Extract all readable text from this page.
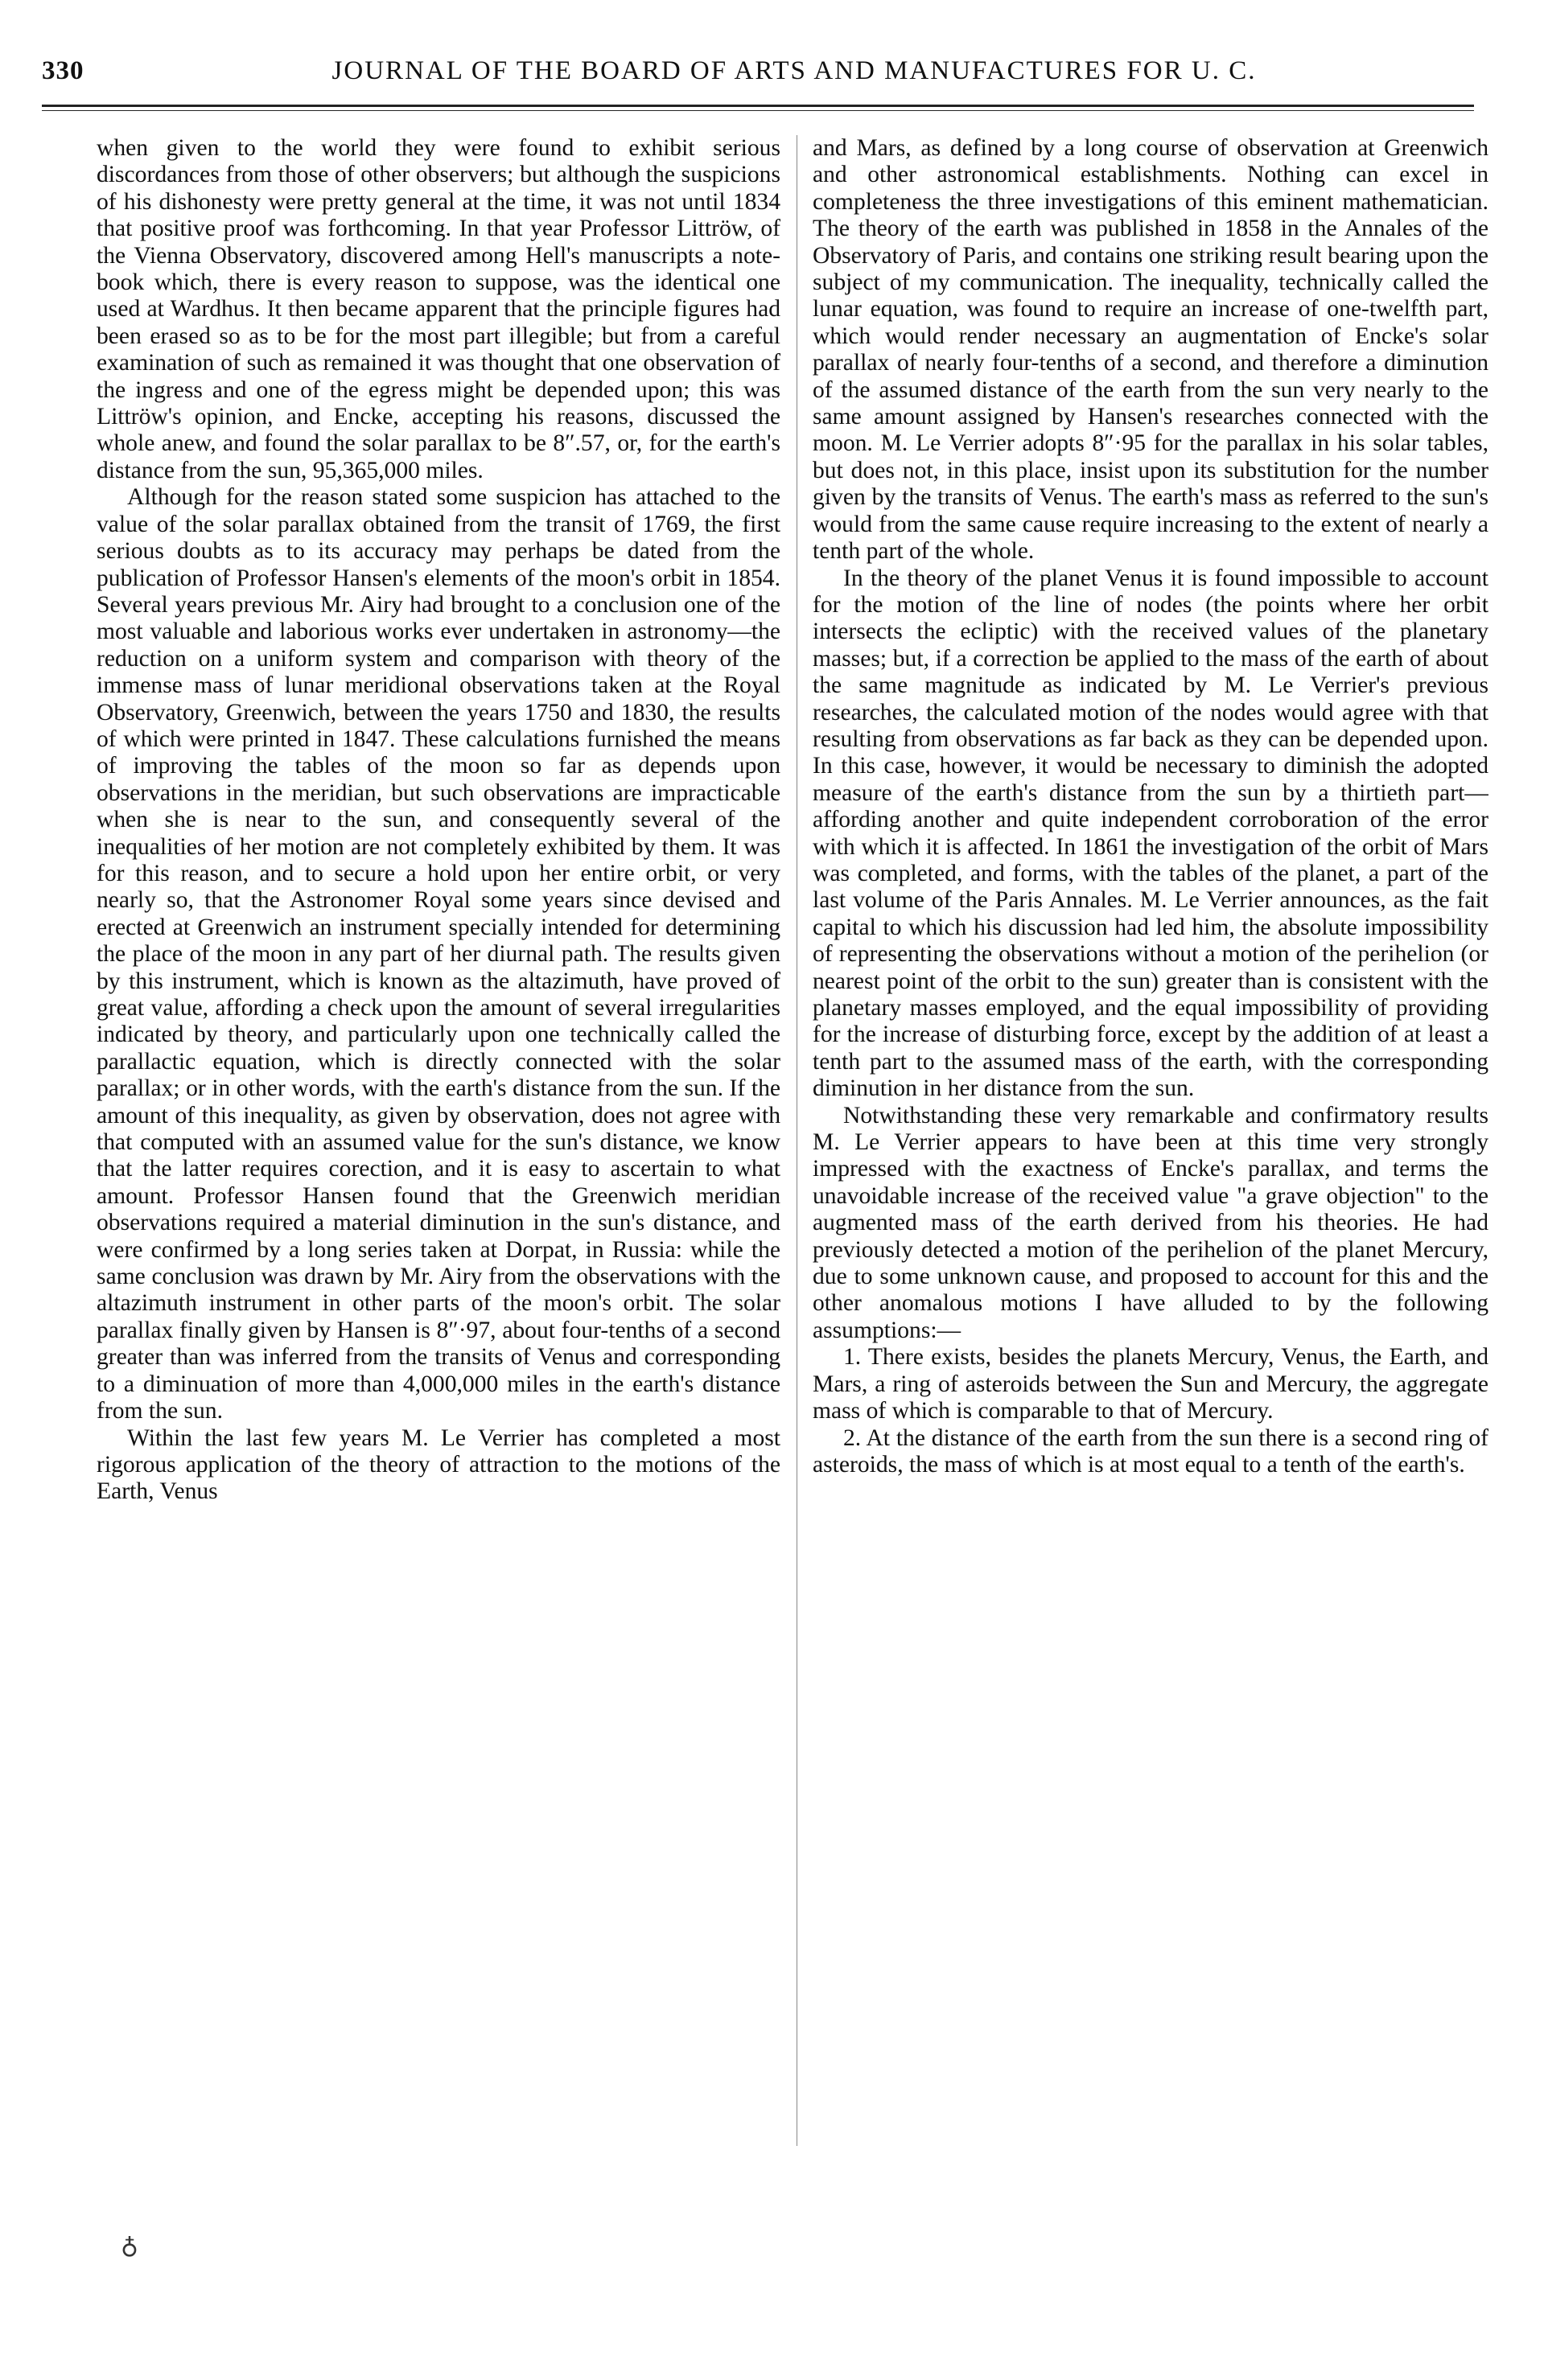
330	JOURNAL OF THE BOARD OF ARTS AND MANUFACTURES FOR U. C.

when given to the world they were found to exhibit serious discordances from those of other observers; but although the suspicions of his dishonesty were pretty general at the time, it was not until 1834 that positive proof was forthcoming. In that year Professor Littröw, of the Vienna Observatory, discovered among Hell's manuscripts a note-book which, there is every reason to suppose, was the identical one used at Wardhus. It then became apparent that the principle figures had been erased so as to be for the most part illegible; but from a careful examination of such as remained it was thought that one observation of the ingress and one of the egress might be depended upon; this was Littröw's opinion, and Encke, accepting his reasons, discussed the whole anew, and found the solar parallax to be 8″.57, or, for the earth's distance from the sun, 95,365,000 miles.

Although for the reason stated some suspicion has attached to the value of the solar parallax obtained from the transit of 1769, the first serious doubts as to its accuracy may perhaps be dated from the publication of Professor Hansen's elements of the moon's orbit in 1854. Several years previous Mr. Airy had brought to a conclusion one of the most valuable and laborious works ever undertaken in astronomy—the reduction on a uniform system and comparison with theory of the immense mass of lunar meridional observations taken at the Royal Observatory, Greenwich, between the years 1750 and 1830, the results of which were printed in 1847. These calculations furnished the means of improving the tables of the moon so far as depends upon observations in the meridian, but such observations are impracticable when she is near to the sun, and consequently several of the inequalities of her motion are not completely exhibited by them. It was for this reason, and to secure a hold upon her entire orbit, or very nearly so, that the Astronomer Royal some years since devised and erected at Greenwich an instrument specially intended for determining the place of the moon in any part of her diurnal path. The results given by this instrument, which is known as the altazimuth, have proved of great value, affording a check upon the amount of several irregularities indicated by theory, and particularly upon one technically called the parallactic equation, which is directly connected with the solar parallax; or in other words, with the earth's distance from the sun. If the amount of this inequality, as given by observation, does not agree with that computed with an assumed value for the sun's distance, we know that the latter requires corection, and it is easy to ascertain to what amount. Professor Hansen found that the Greenwich meridian observations required a material diminution in the sun's distance, and were confirmed by a long series taken at Dorpat, in Russia: while the same conclusion was drawn by Mr. Airy from the observations with the altazimuth instrument in other parts of the moon's orbit. The solar parallax finally given by Hansen is 8″·97, about four-tenths of a second greater than was inferred from the transits of Venus and corresponding to a diminuation of more than 4,000,000 miles in the earth's distance from the sun.

Within the last few years M. Le Verrier has completed a most rigorous application of the theory of attraction to the motions of the Earth, Venus

and Mars, as defined by a long course of observation at Greenwich and other astronomical establishments. Nothing can excel in completeness the three investigations of this eminent mathematician. The theory of the earth was published in 1858 in the Annales of the Observatory of Paris, and contains one striking result bearing upon the subject of my communication. The inequality, technically called the lunar equation, was found to require an increase of one-twelfth part, which would render necessary an augmentation of Encke's solar parallax of nearly four-tenths of a second, and therefore a diminution of the assumed distance of the earth from the sun very nearly to the same amount assigned by Hansen's researches connected with the moon. M. Le Verrier adopts 8″·95 for the parallax in his solar tables, but does not, in this place, insist upon its substitution for the number given by the transits of Venus. The earth's mass as referred to the sun's would from the same cause require increasing to the extent of nearly a tenth part of the whole.

In the theory of the planet Venus it is found impossible to account for the motion of the line of nodes (the points where her orbit intersects the ecliptic) with the received values of the planetary masses; but, if a correction be applied to the mass of the earth of about the same magnitude as indicated by M. Le Verrier's previous researches, the calculated motion of the nodes would agree with that resulting from observations as far back as they can be depended upon. In this case, however, it would be necessary to diminish the adopted measure of the earth's distance from the sun by a thirtieth part—affording another and quite independent corroboration of the error with which it is affected. In 1861 the investigation of the orbit of Mars was completed, and forms, with the tables of the planet, a part of the last volume of the Paris Annales. M. Le Verrier announces, as the fait capital to which his discussion had led him, the absolute impossibility of representing the observations without a motion of the perihelion (or nearest point of the orbit to the sun) greater than is consistent with the planetary masses employed, and the equal impossibility of providing for the increase of disturbing force, except by the addition of at least a tenth part to the assumed mass of the earth, with the corresponding diminution in her distance from the sun.

Notwithstanding these very remarkable and confirmatory results M. Le Verrier appears to have been at this time very strongly impressed with the exactness of Encke's parallax, and terms the unavoidable increase of the received value "a grave objection" to the augmented mass of the earth derived from his theories. He had previously detected a motion of the perihelion of the planet Mercury, due to some unknown cause, and proposed to account for this and the other anomalous motions I have alluded to by the following assumptions:—

1. There exists, besides the planets Mercury, Venus, the Earth, and Mars, a ring of asteroids between the Sun and Mercury, the aggregate mass of which is comparable to that of Mercury.

2. At the distance of the earth from the sun there is a second ring of asteroids, the mass of which is at most equal to a tenth of the earth's.

♁
